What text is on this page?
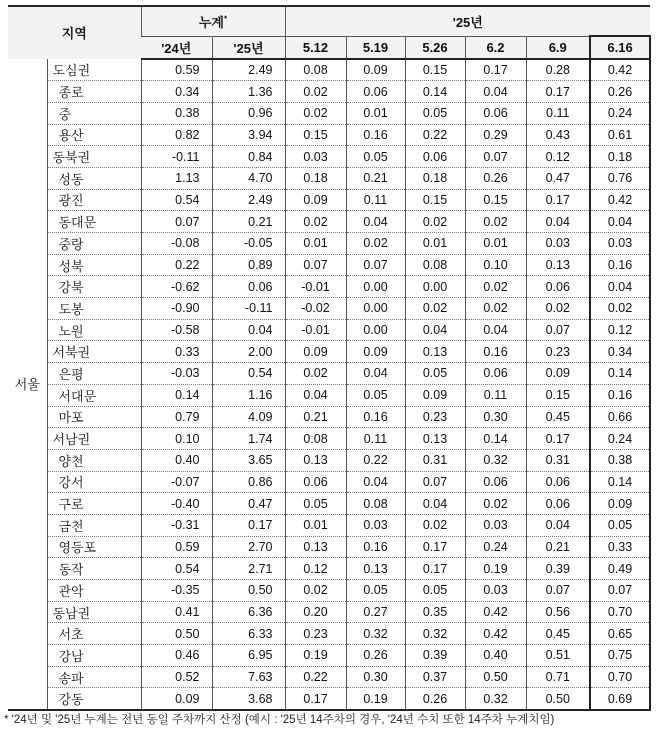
지역		누계*		'25년					
		'24년	'25년	5.12	5.19	5.26	6.2	6.9	6.16
서울	도심권	0.59	2.49	0.08	0.09	0.15	0.17	0.28	0.42
	종로	0.34	1.36	0.02	0.06	0.14	0.04	0.17	0.26
	중	0.38	0.96	0.02	0.01	0.05	0.06	0.11	0.24
	용산	0.82	3.94	0.15	0.16	0.22	0.29	0.43	0.61
	동북권	-0.11	0.84	0.03	0.05	0.06	0.07	0.12	0.18
	성동	1.13	4.70	0.18	0.21	0.18	0.26	0.47	0.76
	광진	0.54	2.49	0.09	0.11	0.15	0.15	0.17	0.42
	동대문	0.07	0.21	0.02	0.04	0.02	0.02	0.04	0.04
	중랑	-0.08	-0.05	0.01	0.02	0.01	0.01	0.03	0.03
	성북	0.22	0.89	0.07	0.07	0.08	0.10	0.13	0.16
	강북	-0.62	0.06	-0.01	0.00	0.00	0.02	0.06	0.04
	도봉	-0.90	-0.11	-0.02	0.00	0.02	0.02	0.02	0.02
	노원	-0.58	0.04	-0.01	0.00	0.04	0.04	0.07	0.12
	서북권	0.33	2.00	0.09	0.09	0.13	0.16	0.23	0.34
	은평	-0.03	0.54	0.02	0.04	0.05	0.06	0.09	0.14
	서대문	0.14	1.16	0.04	0.05	0.09	0.11	0.15	0.16
	마포	0.79	4.09	0.21	0.16	0.23	0.30	0.45	0.66
	서남권	0.10	1.74	0.08	0.11	0.13	0.14	0.17	0.24
	양천	0.40	3.65	0.13	0.22	0.31	0.32	0.31	0.38
	강서	-0.07	0.86	0.06	0.04	0.07	0.06	0.06	0.14
	구로	-0.40	0.47	0.05	0.08	0.04	0.02	0.06	0.09
	금천	-0.31	0.17	0.01	0.03	0.02	0.03	0.04	0.05
	영등포	0.59	2.70	0.13	0.16	0.17	0.24	0.21	0.33
	동작	0.54	2.71	0.12	0.13	0.17	0.19	0.39	0.49
	관악	-0.35	0.50	0.02	0.05	0.05	0.03	0.07	0.07
	동남권	0.41	6.36	0.20	0.27	0.35	0.42	0.56	0.70
	서초	0.50	6.33	0.23	0.32	0.32	0.42	0.45	0.65
	강남	0.46	6.95	0.19	0.26	0.39	0.40	0.51	0.75
	송파	0.52	7.63	0.22	0.30	0.37	0.50	0.71	0.70
	강동	0.09	3.68	0.17	0.19	0.26	0.32	0.50	0.69
* '24년 및 '25년 누계는 전년 동일 주차까지 산정 (예시 : '25년 14주차의 경우, '24년 수치 또한 14주차 누계치임)
